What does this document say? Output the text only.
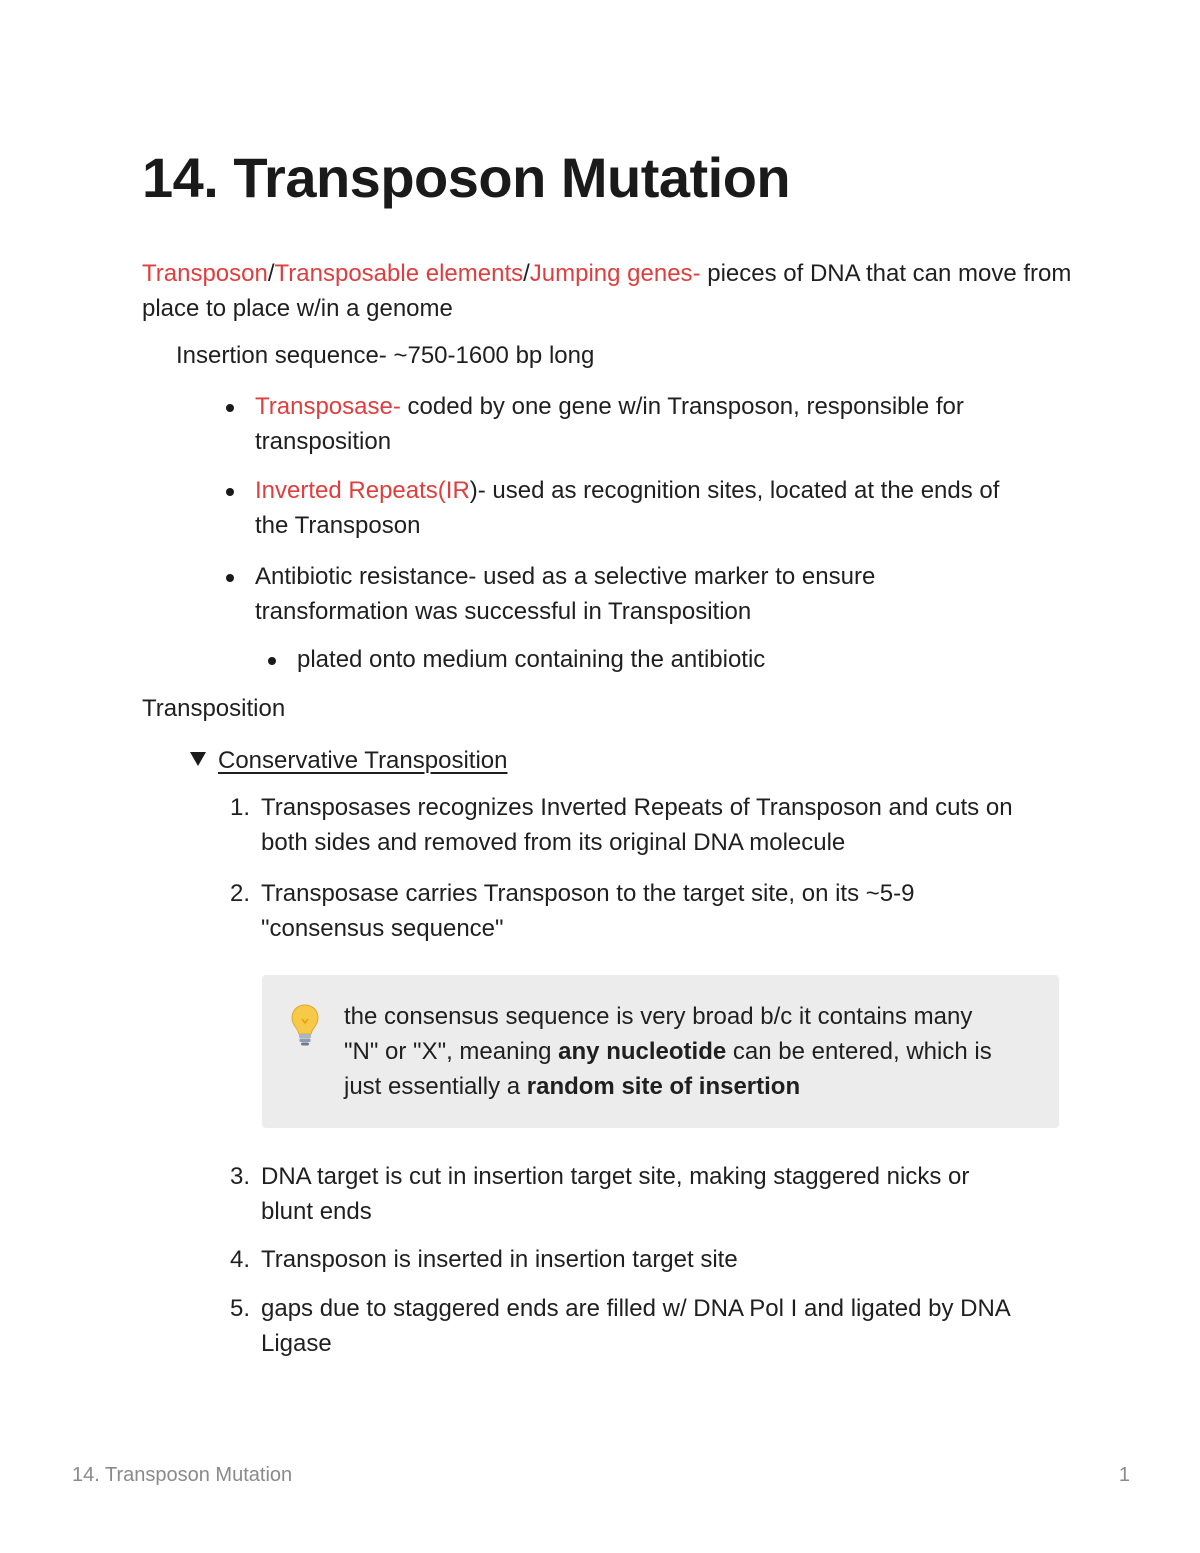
14. Transposon Mutation

Transposon/Transposable elements/Jumping genes- pieces of DNA that can move from place to place w/in a genome

Insertion sequence- ~750-1600 bp long

Transposase- coded by one gene w/in Transposon, responsible for
transposition

Inverted Repeats(IR)- used as recognition sites, located at the ends of
the Transposon

Antibiotic resistance- used as a selective marker to ensure
transformation was successful in Transposition

plated onto medium containing the antibiotic

Transposition

Conservative Transposition

1. Transposases recognizes Inverted Repeats of Transposon and cuts on
both sides and removed from its original DNA molecule

2. Transposase carries Transposon to the target site, on its ~5-9
"consensus sequence"

the consensus sequence is very broad b/c it contains many
"N" or "X", meaning any nucleotide can be entered, which is
just essentially a random site of insertion

3. DNA target is cut in insertion target site, making staggered nicks or
blunt ends

4. Transposon is inserted in insertion target site

5. gaps due to staggered ends are filled w/ DNA Pol I and ligated by DNA
Ligase

14. Transposon Mutation	1
